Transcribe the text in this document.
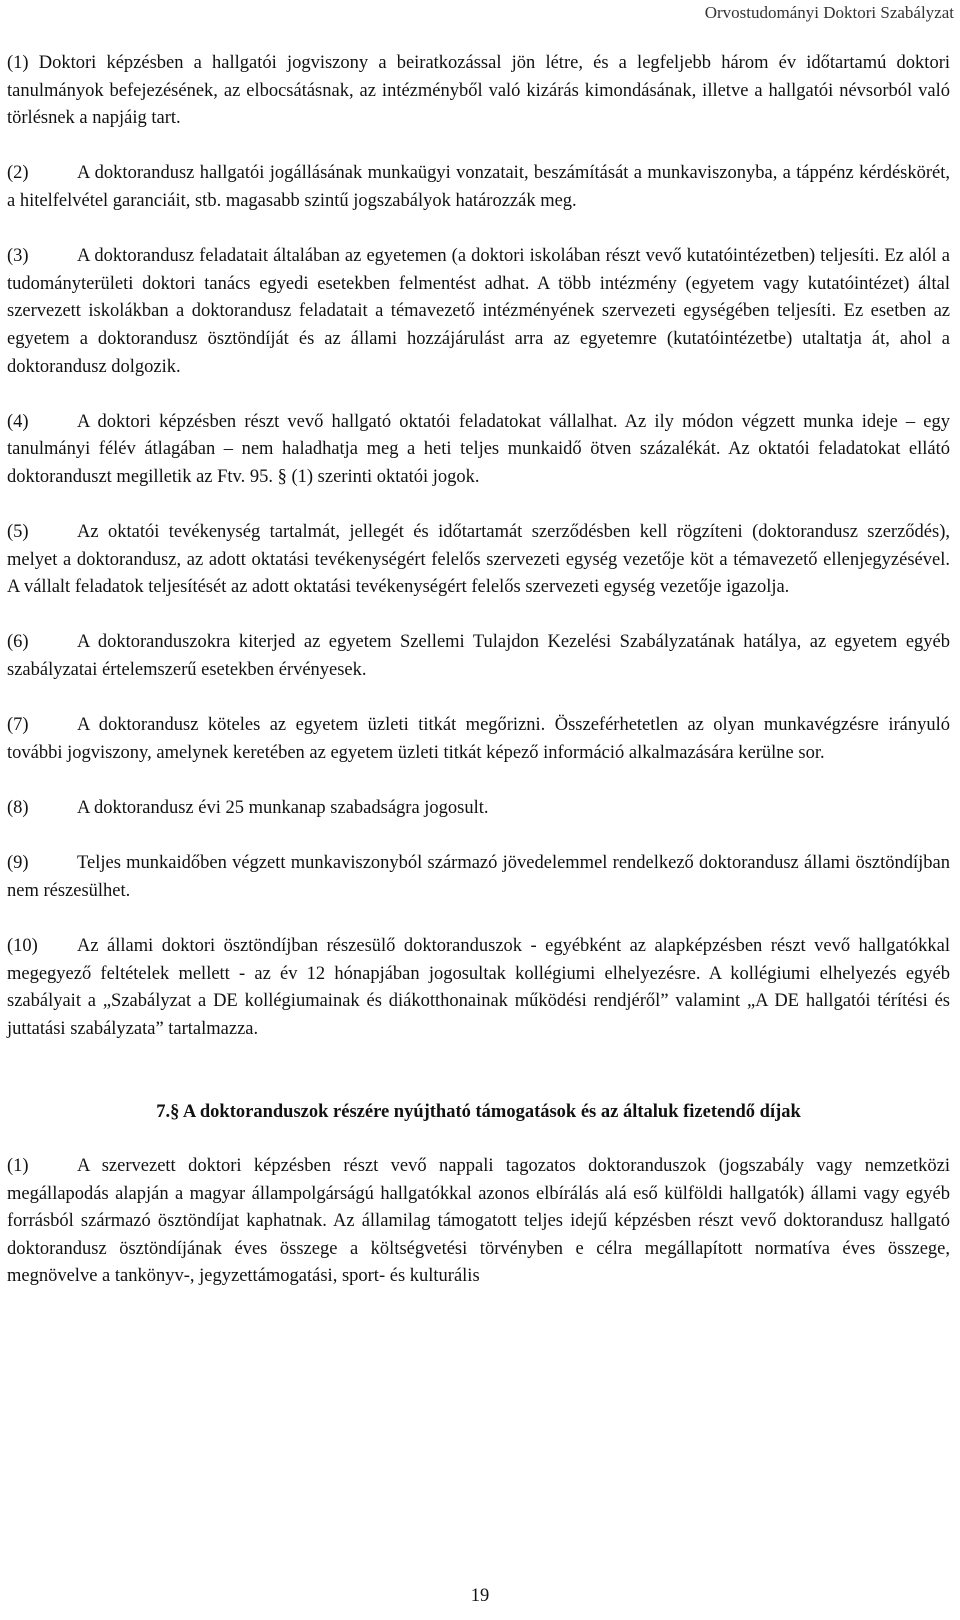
Orvostudományi Doktori Szabályzat

(1) Doktori képzésben a hallgatói jogviszony a beiratkozással jön létre, és a legfeljebb három év időtartamú doktori tanulmányok befejezésének, az elbocsátásnak, az intézményből való kizárás kimondásának, illetve a hallgatói névsorból való törlésnek a napjáig tart.

(2)	A doktorandusz hallgatói jogállásának munkaügyi vonzatait, beszámítását a munkaviszonyba, a táppénz kérdéskörét, a hitelfelvétel garanciáit, stb. magasabb szintű jogszabályok határozzák meg.

(3)	A doktorandusz feladatait általában az egyetemen (a doktori iskolában részt vevő kutatóintézetben) teljesíti. Ez alól a tudományterületi doktori tanács egyedi esetekben felmentést adhat. A több intézmény (egyetem vagy kutatóintézet) által szervezett iskolákban a doktorandusz feladatait a témavezető intézményének szervezeti egységében teljesíti. Ez esetben az egyetem a doktorandusz ösztöndíját és az állami hozzájárulást arra az egyetemre (kutatóintézetbe) utaltatja át, ahol a doktorandusz dolgozik.

(4)	A doktori képzésben részt vevő hallgató oktatói feladatokat vállalhat. Az ily módon végzett munka ideje – egy tanulmányi félév átlagában – nem haladhatja meg a heti teljes munkaidő ötven százalékát. Az oktatói feladatokat ellátó doktoranduszt megilletik az Ftv. 95. § (1) szerinti oktatói jogok.

(5)	Az oktatói tevékenység tartalmát, jellegét és időtartamát szerződésben kell rögzíteni (doktorandusz szerződés), melyet a doktorandusz, az adott oktatási tevékenységért felelős szervezeti egység vezetője köt a témavezető ellenjegyzésével. A vállalt feladatok teljesítését az adott oktatási tevékenységért felelős szervezeti egység vezetője igazolja.

(6)	A doktoranduszokra kiterjed az egyetem Szellemi Tulajdon Kezelési Szabályzatának hatálya, az egyetem egyéb szabályzatai értelemszerű esetekben érvényesek.

(7)	A doktorandusz köteles az egyetem üzleti titkát megőrizni. Összeférhetetlen az olyan munkavégzésre irányuló további jogviszony, amelynek keretében az egyetem üzleti titkát képező információ alkalmazására kerülne sor.

(8)	A doktorandusz évi 25 munkanap szabadságra jogosult.

(9)	Teljes munkaidőben végzett munkaviszonyból származó jövedelemmel rendelkező doktorandusz állami ösztöndíjban nem részesülhet.

(10) Az állami doktori ösztöndíjban részesülő doktoranduszok - egyébként az alapképzésben részt vevő hallgatókkal megegyező feltételek mellett - az év 12 hónapjában jogosultak kollégiumi elhelyezésre. A kollégiumi elhelyezés egyéb szabályait a „Szabályzat a DE kollégiumainak és diákotthonainak működési rendjéről” valamint „A DE hallgatói térítési és juttatási szabályzata” tartalmazza.

7.§ A doktoranduszok részére nyújtható támogatások és az általuk fizetendő díjak

(1)	A szervezett doktori képzésben részt vevő nappali tagozatos doktoranduszok (jogszabály vagy nemzetközi megállapodás alapján a magyar állampolgárságú hallgatókkal azonos elbírálás alá eső külföldi hallgatók) állami vagy egyéb forrásból származó ösztöndíjat kaphatnak. Az államilag támogatott teljes idejű képzésben részt vevő doktorandusz hallgató doktorandusz ösztöndíjának éves összege a költségvetési törvényben e célra megállapított normatíva éves összege, megnövelve a tankönyv-, jegyzettámogatási, sport- és kulturális

19
